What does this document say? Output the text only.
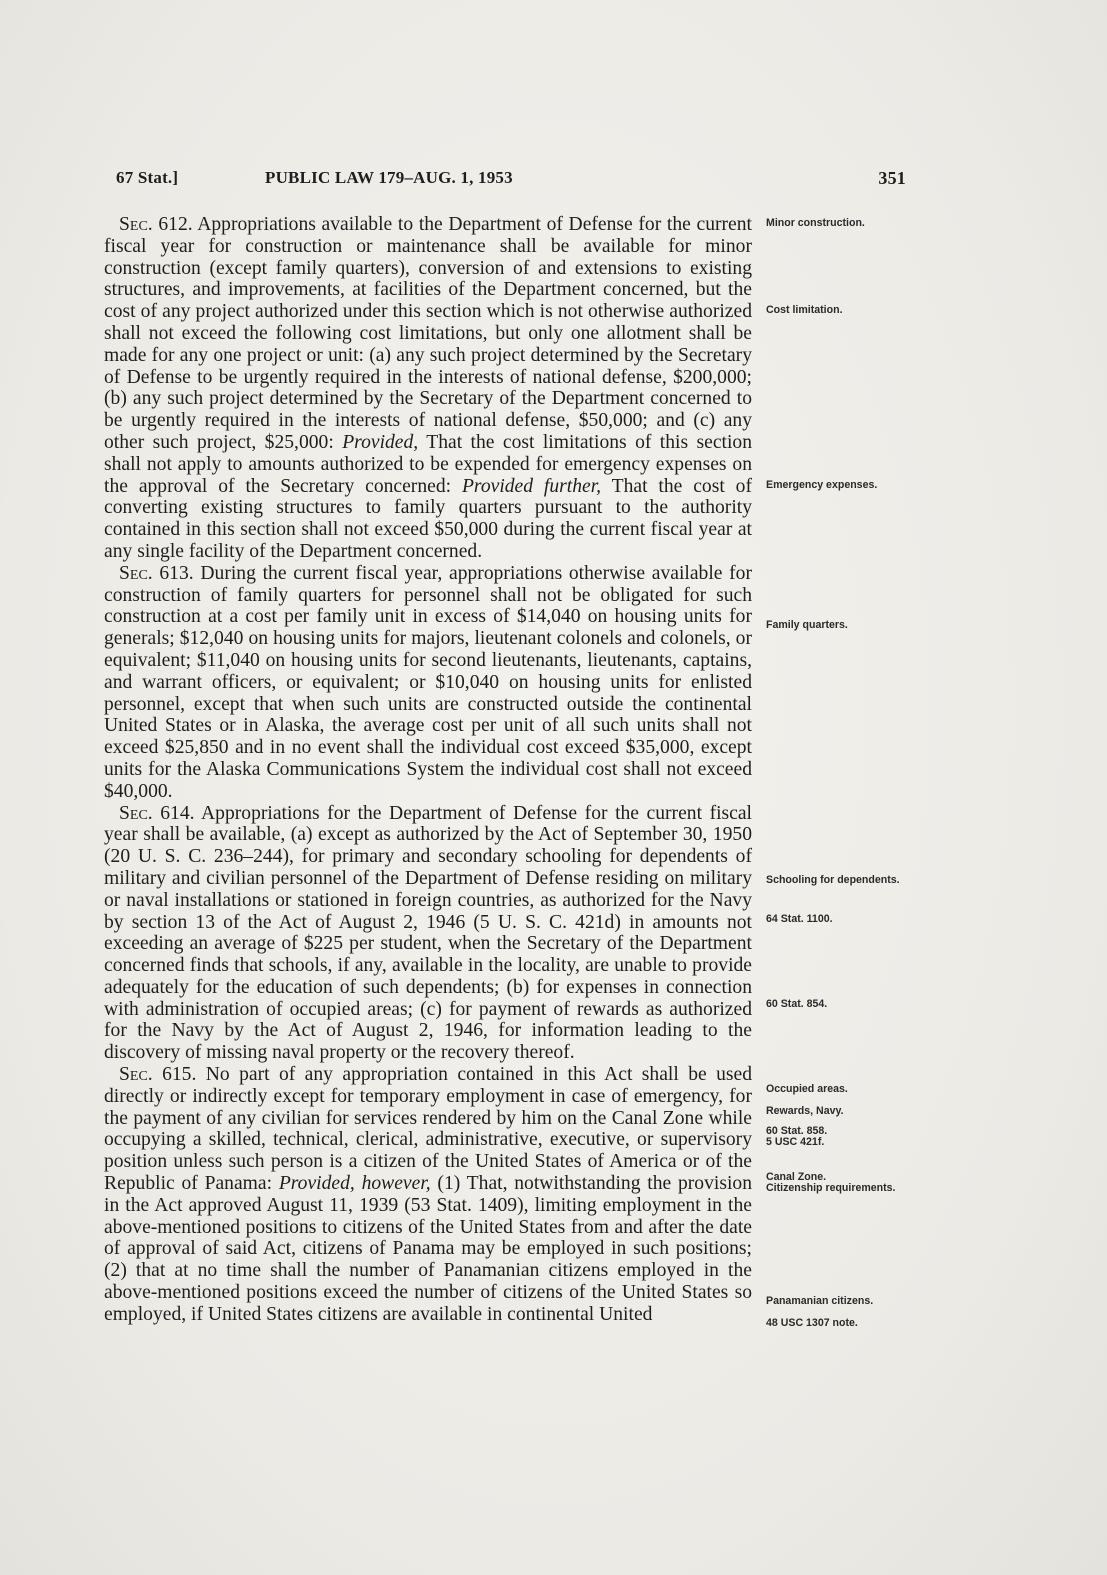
67 Stat.]	PUBLIC LAW 179–AUG. 1, 1953	351

Sec. 612. Appropriations available to the Department of Defense for the current fiscal year for construction or maintenance shall be available for minor construction (except family quarters), conversion of and extensions to existing structures, and improvements, at facilities of the Department concerned, but the cost of any project authorized under this section which is not otherwise authorized shall not exceed the following cost limitations, but only one allotment shall be made for any one project or unit: (a) any such project determined by the Secretary of Defense to be urgently required in the interests of national defense, $200,000; (b) any such project determined by the Secretary of the Department concerned to be urgently required in the interests of national defense, $50,000; and (c) any other such project, $25,000: Provided, That the cost limitations of this section shall not apply to amounts authorized to be expended for emergency expenses on the approval of the Secretary concerned: Provided further, That the cost of converting existing structures to family quarters pursuant to the authority contained in this section shall not exceed $50,000 during the current fiscal year at any single facility of the Department concerned.

Sec. 613. During the current fiscal year, appropriations otherwise available for construction of family quarters for personnel shall not be obligated for such construction at a cost per family unit in excess of $14,040 on housing units for generals; $12,040 on housing units for majors, lieutenant colonels and colonels, or equivalent; $11,040 on housing units for second lieutenants, lieutenants, captains, and warrant officers, or equivalent; or $10,040 on housing units for enlisted personnel, except that when such units are constructed outside the continental United States or in Alaska, the average cost per unit of all such units shall not exceed $25,850 and in no event shall the individual cost exceed $35,000, except units for the Alaska Communications System the individual cost shall not exceed $40,000.

Sec. 614. Appropriations for the Department of Defense for the current fiscal year shall be available, (a) except as authorized by the Act of September 30, 1950 (20 U. S. C. 236–244), for primary and secondary schooling for dependents of military and civilian personnel of the Department of Defense residing on military or naval installations or stationed in foreign countries, as authorized for the Navy by section 13 of the Act of August 2, 1946 (5 U. S. C. 421d) in amounts not exceeding an average of $225 per student, when the Secretary of the Department concerned finds that schools, if any, available in the locality, are unable to provide adequately for the education of such dependents; (b) for expenses in connection with administration of occupied areas; (c) for payment of rewards as authorized for the Navy by the Act of August 2, 1946, for information leading to the discovery of missing naval property or the recovery thereof.

Sec. 615. No part of any appropriation contained in this Act shall be used directly or indirectly except for temporary employment in case of emergency, for the payment of any civilian for services rendered by him on the Canal Zone while occupying a skilled, technical, clerical, administrative, executive, or supervisory position unless such person is a citizen of the United States of America or of the Republic of Panama: Provided, however, (1) That, notwithstanding the provision in the Act approved August 11, 1939 (53 Stat. 1409), limiting employment in the above-mentioned positions to citizens of the United States from and after the date of approval of said Act, citizens of Panama may be employed in such positions; (2) that at no time shall the number of Panamanian citizens employed in the above-mentioned positions exceed the number of citizens of the United States so employed, if United States citizens are available in continental United

Minor construction.
Cost limitation.
Emergency expenses.
Family quarters.
Schooling for dependents.
64 Stat. 1100.
60 Stat. 854.
Occupied areas.
Rewards, Navy.
60 Stat. 858.
5 USC 421f.
Canal Zone.
Citizenship requirements.
Panamanian citizens.
48 USC 1307 note.
